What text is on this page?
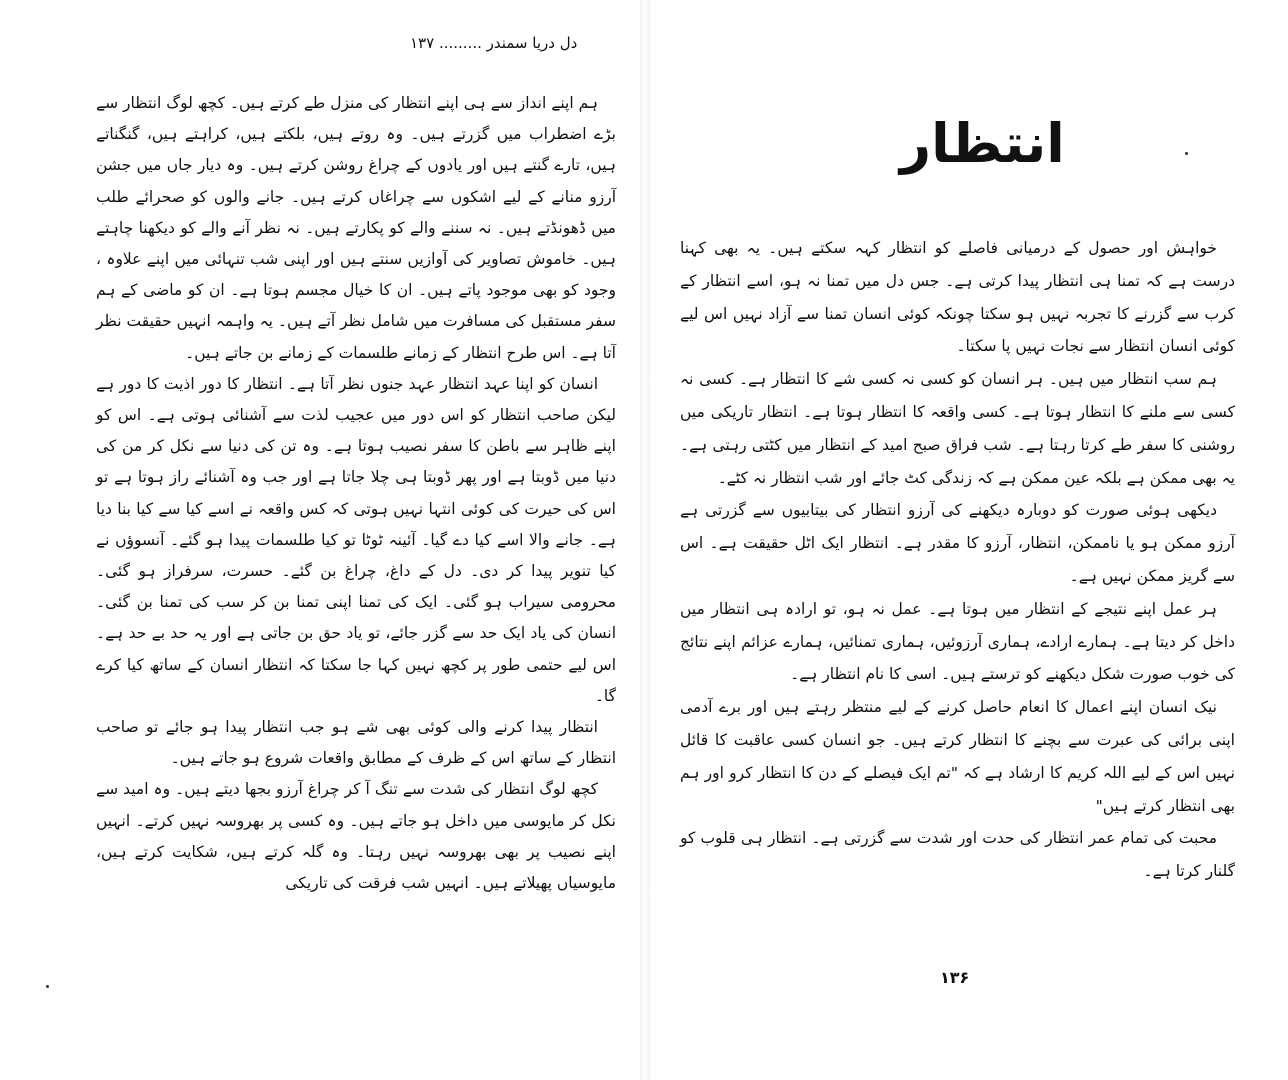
دل دریا سمندر ......... ۱۳۷

ہم اپنے انداز سے ہی اپنے انتظار کی منزل طے کرتے ہیں۔ کچھ لوگ انتظار سے بڑے اضطراب میں گزرتے ہیں۔ وہ روتے ہیں، بلکتے ہیں، کراہتے ہیں، گنگناتے ہیں، تارے گنتے ہیں اور یادوں کے چراغ روشن کرتے ہیں۔ وہ دیار جاں میں جشن آرزو منانے کے لیے اشکوں سے چراغاں کرتے ہیں۔ جانے والوں کو صحرائے طلب میں ڈھونڈتے ہیں۔ نہ سننے والے کو پکارتے ہیں۔ نہ نظر آنے والے کو دیکھنا چاہتے ہیں۔ خاموش تصاویر کی آوازیں سنتے ہیں اور اپنی شب تنہائی میں اپنے علاوہ ، وجود کو بھی موجود پاتے ہیں۔ ان کا خیال مجسم ہوتا ہے۔ ان کو ماضی کے ہم سفر مستقبل کی مسافرت میں شامل نظر آتے ہیں۔ یہ واہمہ انہیں حقیقت نظر آتا ہے۔ اس طرح انتظار کے زمانے طلسمات کے زمانے بن جاتے ہیں۔

انسان کو اپنا عہد انتظار عہد جنوں نظر آتا ہے۔ انتظار کا دور اذیت کا دور ہے لیکن صاحب انتظار کو اس دور میں عجیب لذت سے آشنائی ہوتی ہے۔ اس کو اپنے ظاہر سے باطن کا سفر نصیب ہوتا ہے۔ وہ تن کی دنیا سے نکل کر من کی دنیا میں ڈوبتا ہے اور پھر ڈوبتا ہی چلا جاتا ہے اور جب وہ آشنائے راز ہوتا ہے تو اس کی حیرت کی کوئی انتہا نہیں ہوتی کہ کس واقعہ نے اسے کیا سے کیا بنا دیا ہے۔ جانے والا اسے کیا دے گیا۔ آئینہ ٹوٹا تو کیا طلسمات پیدا ہو گئے۔ آنسوؤں نے کیا تنویر پیدا کر دی۔ دل کے داغ، چراغ بن گئے۔ حسرت، سرفراز ہو گئی۔ محرومی سیراب ہو گئی۔ ایک کی تمنا اپنی تمنا بن کر سب کی تمنا بن گئی۔ انسان کی یاد ایک حد سے گزر جائے، تو یاد حق بن جاتی ہے اور یہ حد بے حد ہے۔ اس لیے حتمی طور پر کچھ نہیں کہا جا سکتا کہ انتظار انسان کے ساتھ کیا کرے گا۔

انتظار پیدا کرنے والی کوئی بھی شے ہو جب انتظار پیدا ہو جائے تو صاحب انتظار کے ساتھ اس کے ظرف کے مطابق واقعات شروع ہو جاتے ہیں۔

کچھ لوگ انتظار کی شدت سے تنگ آ کر چراغ آرزو بجھا دیتے ہیں۔ وہ امید سے نکل کر مایوسی میں داخل ہو جاتے ہیں۔ وہ کسی پر بھروسہ نہیں کرتے۔ انہیں اپنے نصیب پر بھی بھروسہ نہیں رہتا۔ وہ گلہ کرتے ہیں، شکایت کرتے ہیں، مایوسیاں پھیلاتے ہیں۔ انہیں شب فرقت کی تاریکی

انتظار

خواہش اور حصول کے درمیانی فاصلے کو انتظار کہہ سکتے ہیں۔ یہ بھی کہنا درست ہے کہ تمنا ہی انتظار پیدا کرتی ہے۔ جس دل میں تمنا نہ ہو، اسے انتظار کے کرب سے گزرنے کا تجربہ نہیں ہو سکتا چونکہ کوئی انسان تمنا سے آزاد نہیں اس لیے کوئی انسان انتظار سے نجات نہیں پا سکتا۔

ہم سب انتظار میں ہیں۔ ہر انسان کو کسی نہ کسی شے کا انتظار ہے۔ کسی نہ کسی سے ملنے کا انتظار ہوتا ہے۔ کسی واقعہ کا انتظار ہوتا ہے۔ انتظار تاریکی میں روشنی کا سفر طے کرتا رہتا ہے۔ شب فراق صبح امید کے انتظار میں کٹتی رہتی ہے۔ یہ بھی ممکن ہے بلکہ عین ممکن ہے کہ زندگی کٹ جائے اور شب انتظار نہ کٹے۔

دیکھی ہوئی صورت کو دوبارہ دیکھنے کی آرزو انتظار کی بیتابیوں سے گزرتی ہے آرزو ممکن ہو یا ناممکن، انتظار، آرزو کا مقدر ہے۔ انتظار ایک اٹل حقیقت ہے۔ اس سے گریز ممکن نہیں ہے۔

ہر عمل اپنے نتیجے کے انتظار میں ہوتا ہے۔ عمل نہ ہو، تو ارادہ ہی انتظار میں داخل کر دیتا ہے۔ ہمارے ارادے، ہماری آرزوئیں، ہماری تمنائیں، ہمارے عزائم اپنے نتائج کی خوب صورت شکل دیکھنے کو ترستے ہیں۔ اسی کا نام انتظار ہے۔

نیک انسان اپنے اعمال کا انعام حاصل کرنے کے لیے منتظر رہتے ہیں اور برے آدمی اپنی برائی کی عبرت سے بچنے کا انتظار کرتے ہیں۔ جو انسان کسی عاقبت کا قائل نہیں اس کے لیے اللہ کریم کا ارشاد ہے کہ "تم ایک فیصلے کے دن کا انتظار کرو اور ہم بھی انتظار کرتے ہیں"

محبت کی تمام عمر انتظار کی حدت اور شدت سے گزرتی ہے۔ انتظار ہی قلوب کو گلنار کرتا ہے۔

۱۳۶
